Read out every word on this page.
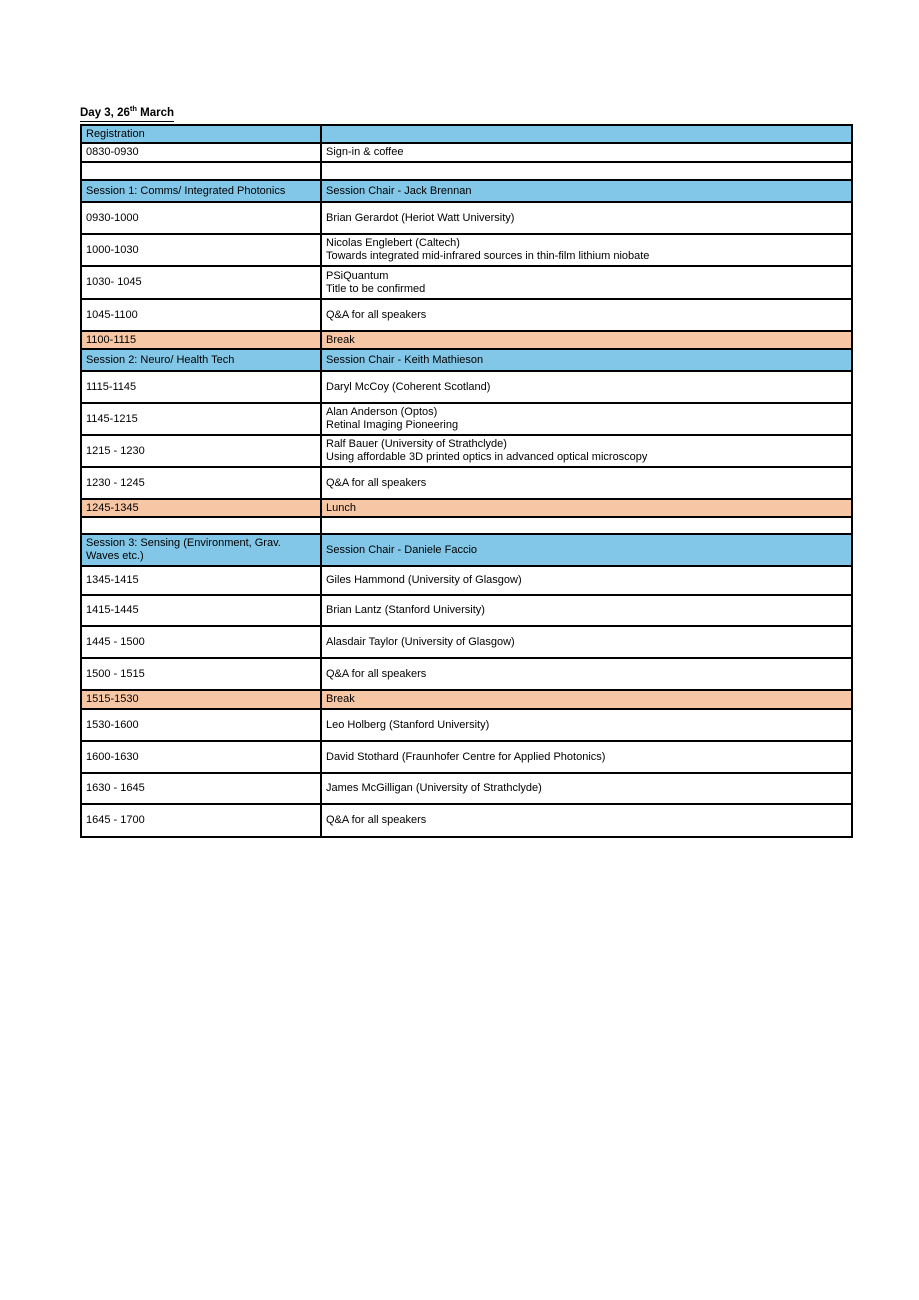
Day 3, 26th March
Registration	
0830-0930	Sign-in & coffee

Session 1: Comms/ Integrated Photonics	Session Chair - Jack Brennan
0930-1000	Brian Gerardot (Heriot Watt University)

1000-1030	Nicolas Englebert (Caltech)
Towards integrated mid-infrared sources in thin-film lithium niobate

1030- 1045	PSiQuantum
Title to be confirmed

1045-1100	Q&A for all speakers

1100-1115	Break

Session 2: Neuro/ Health Tech	Session Chair - Keith Mathieson
1115-1145	Daryl McCoy (Coherent Scotland)

1145-1215	Alan Anderson (Optos)
Retinal Imaging Pioneering

1215 - 1230	Ralf Bauer (University of Strathclyde)
Using affordable 3D printed optics in advanced optical microscopy

1230 - 1245	Q&A for all speakers

1245-1345	Lunch

Session 3: Sensing (Environment, Grav. Waves etc.)	Session Chair - Daniele Faccio
1345-1415	Giles Hammond (University of Glasgow)

1415-1445	Brian Lantz (Stanford University)

1445 - 1500	Alasdair Taylor (University of Glasgow)

1500 - 1515	Q&A for all speakers

1515-1530	Break

1530-1600	Leo Holberg (Stanford University)

1600-1630	David Stothard (Fraunhofer Centre for Applied Photonics)

1630 - 1645	James McGilligan (University of Strathclyde)

1645 - 1700	Q&A for all speakers
